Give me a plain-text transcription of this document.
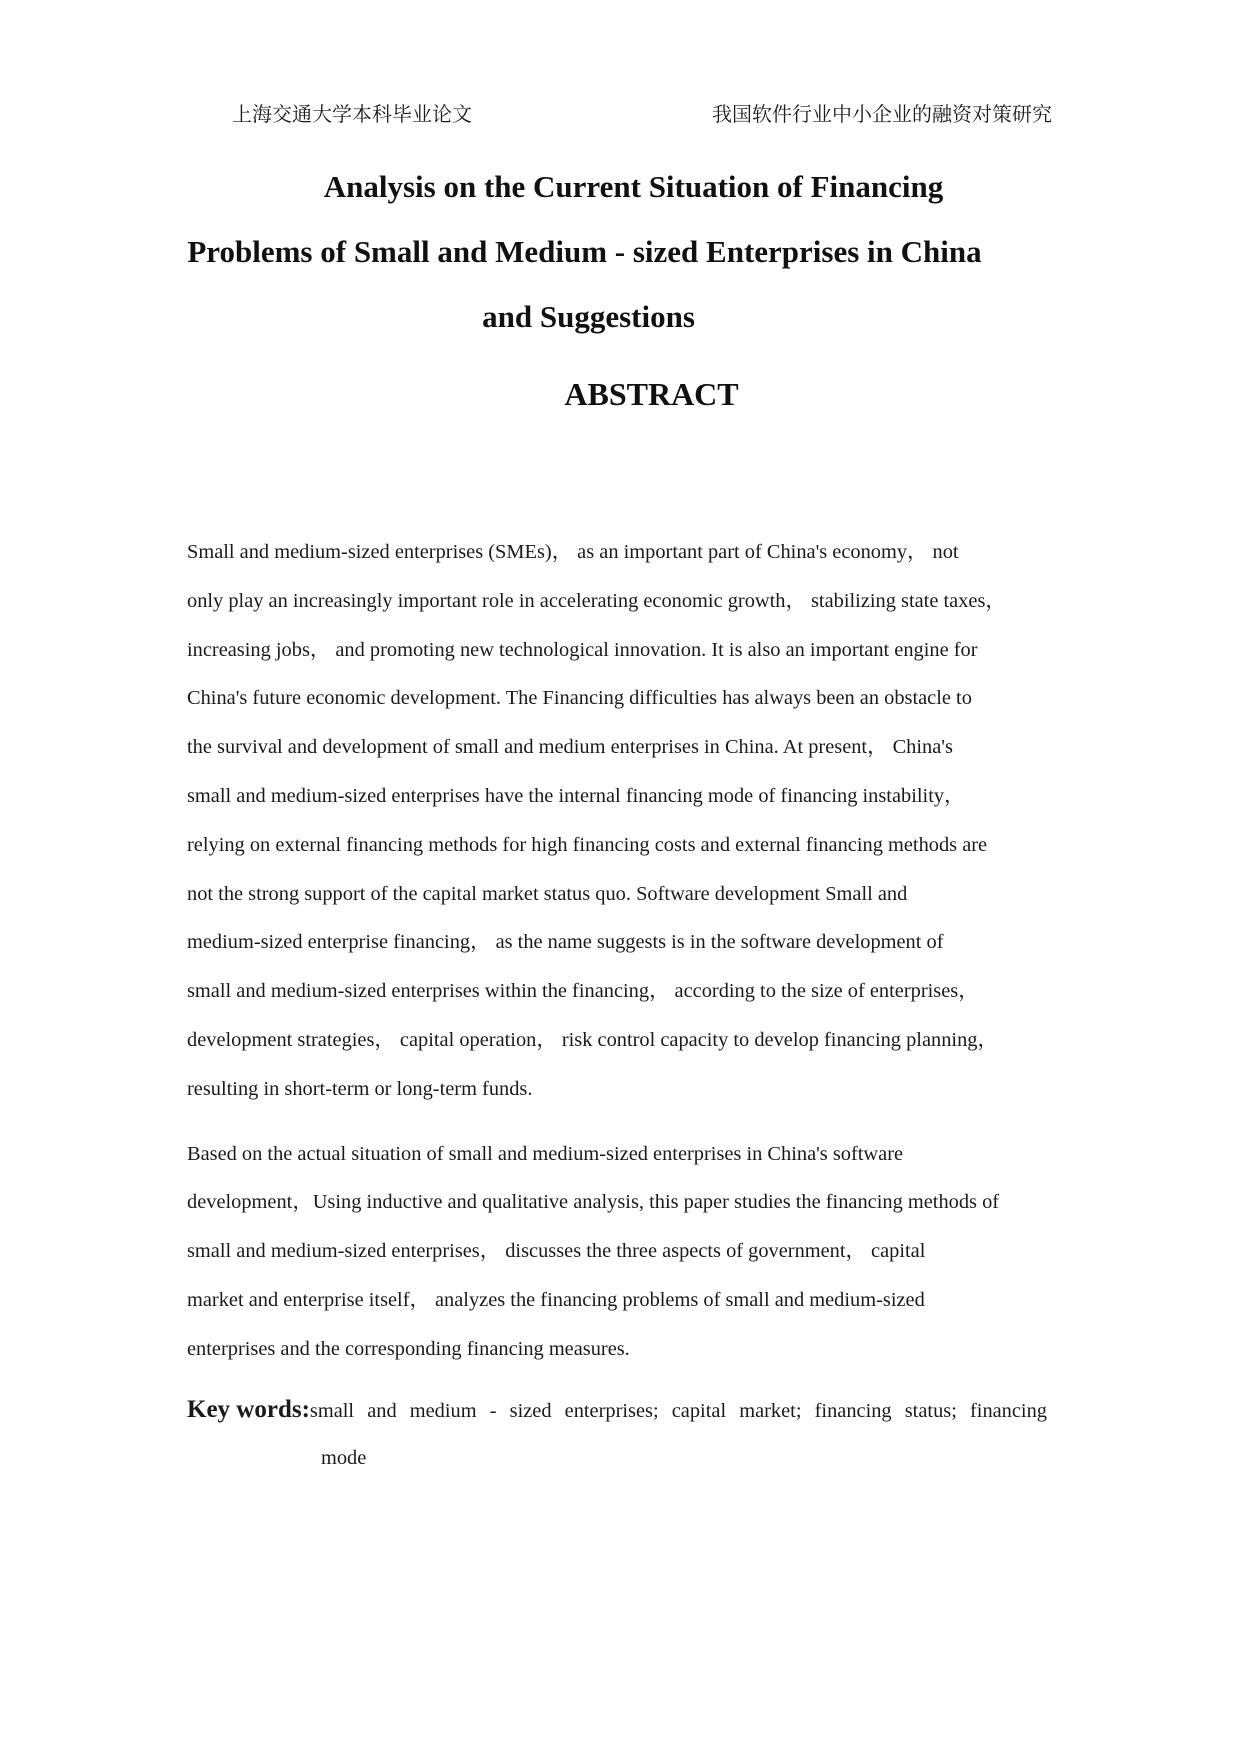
上海交通大学本科毕业论文	我国软件行业中小企业的融资对策研究
Analysis on the Current Situation of Financing
Problems of Small and Medium - sized Enterprises in China
and Suggestions
ABSTRACT
Small and medium-sized enterprises (SMEs)， as an important part of China's economy， not
only play an increasingly important role in accelerating economic growth， stabilizing state taxes，
increasing jobs， and promoting new technological innovation. It is also an important engine for
China's future economic development. The Financing difficulties has always been an obstacle to
the survival and development of small and medium enterprises in China. At present， China's
small and medium-sized enterprises have the internal financing mode of financing instability，
relying on external financing methods for high financing costs and external financing methods are
not the strong support of the capital market status quo. Software development Small and
medium-sized enterprise financing， as the name suggests is in the software development of
small and medium-sized enterprises within the financing， according to the size of enterprises，
development strategies， capital operation， risk control capacity to develop financing planning，
resulting in short-term or long-term funds.
Based on the actual situation of small and medium-sized enterprises in China's software
development，Using inductive and qualitative analysis, this paper studies the financing methods of
small and medium-sized enterprises， discusses the three aspects of government， capital
market and enterprise itself， analyzes the financing problems of small and medium-sized
enterprises and the corresponding financing measures.
Key words: small and medium - sized enterprises; capital market; financing status; financing
mode
